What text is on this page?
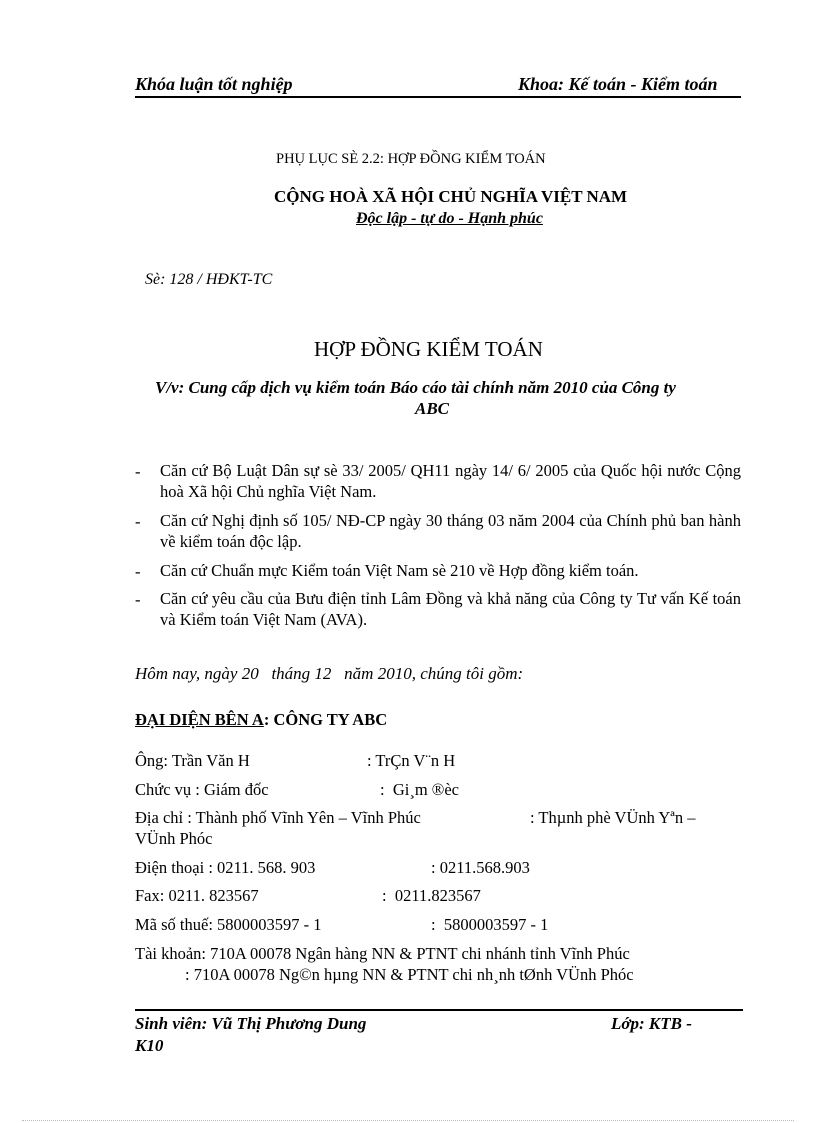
Khóa luận tốt nghiệp	Khoa: Kế toán - Kiểm toán
PHỤ LỤC SÈ 2.2: HỢP ĐỒNG KIỂM TOÁN
CỘNG HOÀ XÃ HỘI CHỦ NGHĨA VIỆT NAM
Độc lập - tự do - Hạnh phúc
Sè: 128 / HĐKT-TC
HỢP ĐỒNG KIỂM TOÁN
V/v: Cung cấp dịch vụ kiểm toán Báo cáo tài chính năm 2010 của Công ty
ABC
- Căn cứ Bộ Luật Dân sự sè 33/ 2005/ QH11 ngày 14/ 6/ 2005 của Quốc hội nước Cộng hoà Xã hội Chủ nghĩa Việt Nam.
- Căn cứ Nghị định số 105/ NĐ-CP ngày 30 tháng 03 năm 2004 của Chính phủ ban hành về kiểm toán độc lập.
- Căn cứ Chuẩn mực Kiểm toán Việt Nam sè 210 về Hợp đồng kiểm toán.
- Căn cứ yêu cầu của Bưu điện tỉnh Lâm Đồng và khả năng của Công ty Tư vấn Kế toán và Kiểm toán Việt Nam (AVA).
Hôm nay, ngày 20   tháng 12   năm 2010, chúng tôi gồm:
ĐẠI DIỆN BÊN A: CÔNG TY ABC
Ông: Trần Văn H	: TrÇn V¨n H
Chức vụ : Giám đốc	:  Gi¸m ®èc
Địa chỉ : Thành phố Vĩnh Yên – Vĩnh Phúc	: Thµnh phè VÜnh Yªn –
VÜnh Phóc
Điện thoại : 0211. 568. 903	: 0211.568.903
Fax: 0211. 823567	:  0211.823567
Mã số thuế: 5800003597 - 1	:  5800003597 - 1
Tài khoản: 710A 00078 Ngân hàng NN & PTNT chi nhánh tỉnh Vĩnh Phúc
: 710A 00078 Ng©n hµng NN & PTNT chi nh¸nh tØnh VÜnh Phóc
Sinh viên: Vũ Thị Phương Dung	Lớp: KTB -
K10
